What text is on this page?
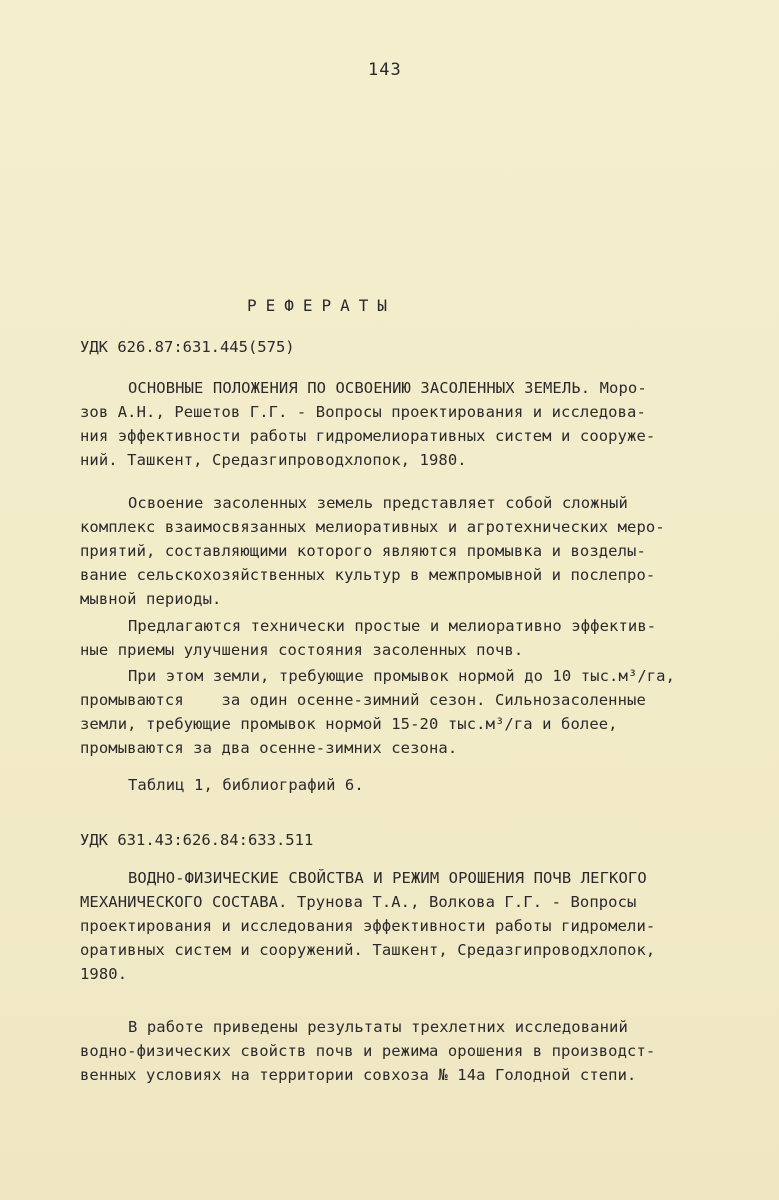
143
РЕФЕРАТЫ

УДК 626.87:631.445(575)

ОСНОВНЫЕ ПОЛОЖЕНИЯ ПО ОСВОЕНИЮ ЗАСОЛЕННЫХ ЗЕМЕЛЬ. Моро-
зов А.Н., Решетов Г.Г. - Вопросы проектирования и исследова-
ния эффективности работы гидромелиоративных систем и сооруже-
ний. Ташкент, Средазгипроводхлопок, 1980.

Освоение засоленных земель представляет собой сложный
комплекс взаимосвязанных мелиоративных и агротехнических меро-
приятий, составляющими которого являются промывка и возделы-
вание сельскохозяйственных культур в межпромывной и послепро-
мывной периоды.

Предлагаются технически простые и мелиоративно эффектив-
ные приемы улучшения состояния засоленных почв.

При этом земли, требующие промывок нормой до 10 тыс.м³/га,
промываются    за один осенне-зимний сезон. Сильнозасоленные
земли, требующие промывок нормой 15-20 тыс.м³/га и более,
промываются за два осенне-зимних сезона.

Таблиц 1, библиографий 6.

УДК 631.43:626.84:633.511

ВОДНО-ФИЗИЧЕСКИЕ СВОЙСТВА И РЕЖИМ ОРОШЕНИЯ ПОЧВ ЛЕГКОГО
МЕХАНИЧЕСКОГО СОСТАВА. Трунова Т.А., Волкова Г.Г. - Вопросы
проектирования и исследования эффективности работы гидромели-
оративных систем и сооружений. Ташкент, Средазгипроводхлопок,
1980.

В работе приведены результаты трехлетних исследований
водно-физических свойств почв и режима орошения в производст-
венных условиях на территории совхоза № 14а Голодной степи.
